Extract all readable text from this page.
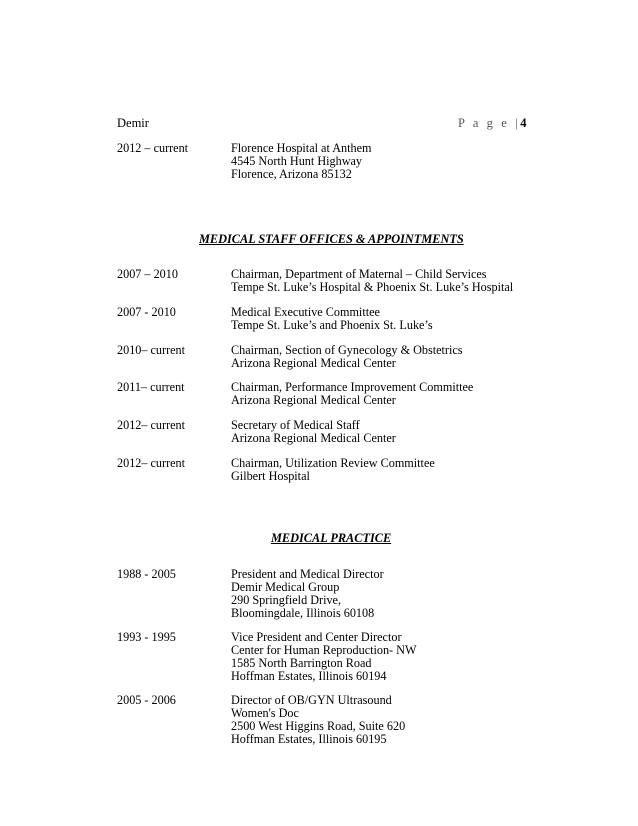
Demir	P a g e |4
2012 – current	Florence Hospital at Anthem
4545 North Hunt Highway
Florence, Arizona 85132
MEDICAL STAFF OFFICES & APPOINTMENTS
2007 – 2010	Chairman, Department of Maternal – Child Services
Tempe St. Luke’s Hospital & Phoenix St. Luke’s Hospital
2007 - 2010	Medical Executive Committee
Tempe St. Luke’s and Phoenix St. Luke’s
2010– current	Chairman, Section of Gynecology & Obstetrics
Arizona Regional Medical Center
2011– current	Chairman, Performance Improvement Committee
Arizona Regional Medical Center
2012– current	Secretary of Medical Staff
Arizona Regional Medical Center
2012– current	Chairman, Utilization Review Committee
Gilbert Hospital
MEDICAL PRACTICE
1988 - 2005	President and Medical Director
Demir Medical Group
290 Springfield Drive,
Bloomingdale, Illinois 60108
1993 - 1995	Vice President and Center Director
Center for Human Reproduction- NW
1585 North Barrington Road
Hoffman Estates, Illinois 60194
2005 - 2006	Director of OB/GYN Ultrasound
Women's Doc
2500 West Higgins Road, Suite 620
Hoffman Estates, Illinois 60195
